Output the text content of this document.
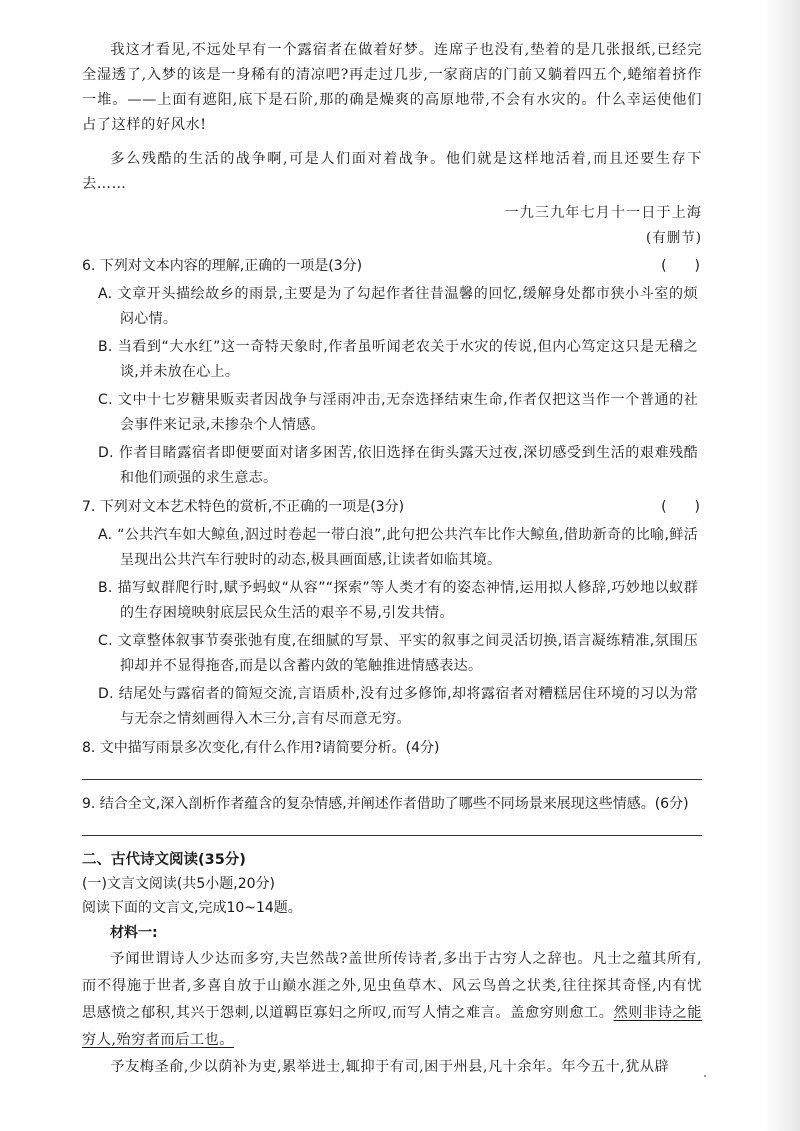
我这才看见,不远处早有一个露宿者在做着好梦。连席子也没有,垫着的是几张报纸,已经完全湿透了,入梦的该是一身稀有的清凉吧?再走过几步,一家商店的门前又躺着四五个,蜷缩着挤作一堆。——上面有遮阳,底下是石阶,那的确是燥爽的高原地带,不会有水灾的。什么幸运使他们占了这样的好风水!

多么残酷的生活的战争啊,可是人们面对着战争。他们就是这样地活着,而且还要生存下去……

一九三九年七月十一日于上海

(有删节)

6. 下列对文本内容的理解,正确的一项是(3分)	(　　)

A. 文章开头描绘故乡的雨景,主要是为了勾起作者往昔温馨的回忆,缓解身处都市狭小斗室的烦闷心情。

B. 当看到“大水红”这一奇特天象时,作者虽听闻老农关于水灾的传说,但内心笃定这只是无稽之谈,并未放在心上。

C. 文中十七岁糖果贩卖者因战争与淫雨冲击,无奈选择结束生命,作者仅把这当作一个普通的社会事件来记录,未掺杂个人情感。

D. 作者目睹露宿者即便要面对诸多困苦,依旧选择在街头露天过夜,深切感受到生活的艰难残酷和他们顽强的求生意志。

7. 下列对文本艺术特色的赏析,不正确的一项是(3分)	(　　)

A. “公共汽车如大鲸鱼,泅过时卷起一带白浪”,此句把公共汽车比作大鲸鱼,借助新奇的比喻,鲜活呈现出公共汽车行驶时的动态,极具画面感,让读者如临其境。

B. 描写蚁群爬行时,赋予蚂蚁“从容”“探索”等人类才有的姿态神情,运用拟人修辞,巧妙地以蚁群的生存困境映射底层民众生活的艰辛不易,引发共情。

C. 文章整体叙事节奏张弛有度,在细腻的写景、平实的叙事之间灵活切换,语言凝练精准,氛围压抑却并不显得拖沓,而是以含蓄内敛的笔触推进情感表达。

D. 结尾处与露宿者的简短交流,言语质朴,没有过多修饰,却将露宿者对糟糕居住环境的习以为常与无奈之情刻画得入木三分,言有尽而意无穷。

8. 文中描写雨景多次变化,有什么作用?请简要分析。(4分)
9. 结合全文,深入剖析作者蕴含的复杂情感,并阐述作者借助了哪些不同场景来展现这些情感。(6分)

二、古代诗文阅读(35分)

(一)文言文阅读(共5小题,20分)

阅读下面的文言文,完成10~14题。

材料一:

予闻世谓诗人少达而多穷,夫岂然哉?盖世所传诗者,多出于古穷人之辞也。凡士之蕴其所有,而不得施于世者,多喜自放于山巅水涯之外,见虫鱼草木、风云鸟兽之状类,往往探其奇怪,内有忧思感愤之郁积,其兴于怨刺,以道羁臣寡妇之所叹,而写人情之难言。盖愈穷则愈工。然则非诗之能穷人,殆穷者而后工也。

予友梅圣俞,少以荫补为吏,累举进士,辄抑于有司,困于州县,凡十余年。年今五十,犹从辟
